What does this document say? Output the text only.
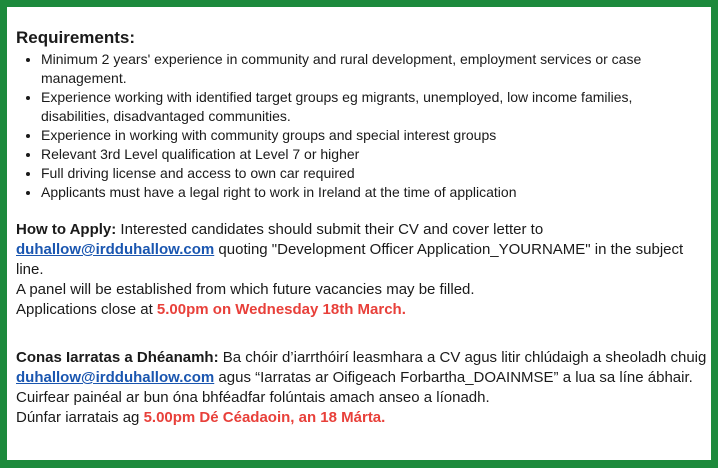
Requirements:
• Minimum 2 years' experience in community and rural development, employment services or case management.
• Experience working with identified target groups eg migrants, unemployed, low income families, disabilities, disadvantaged communities.
• Experience in working with community groups and special interest groups
• Relevant 3rd Level qualification at Level 7 or higher
• Full driving license and access to own car required
• Applicants must have a legal right to work in Ireland at the time of application

How to Apply: Interested candidates should submit their CV and cover letter to duhallow@irdduhallow.com quoting "Development Officer Application_YOURNAME" in the subject line.

A panel will be established from which future vacancies may be filled.

Applications close at 5.00pm on Wednesday 18th March.

Conas Iarratas a Dhéanamh: Ba chóir d’iarrthóirí leasmhara a CV agus litir chlúdaigh a sheoladh chuig duhallow@irdduhallow.com agus “Iarratas ar Oifigeach Forbartha_DOAINMSE” a lua sa líne ábhair.

Cuirfear painéal ar bun óna bhféadfar folúntais amach anseo a líonadh.

Dúnfar iarratais ag 5.00pm Dé Céadaoin, an 18 Márta.
